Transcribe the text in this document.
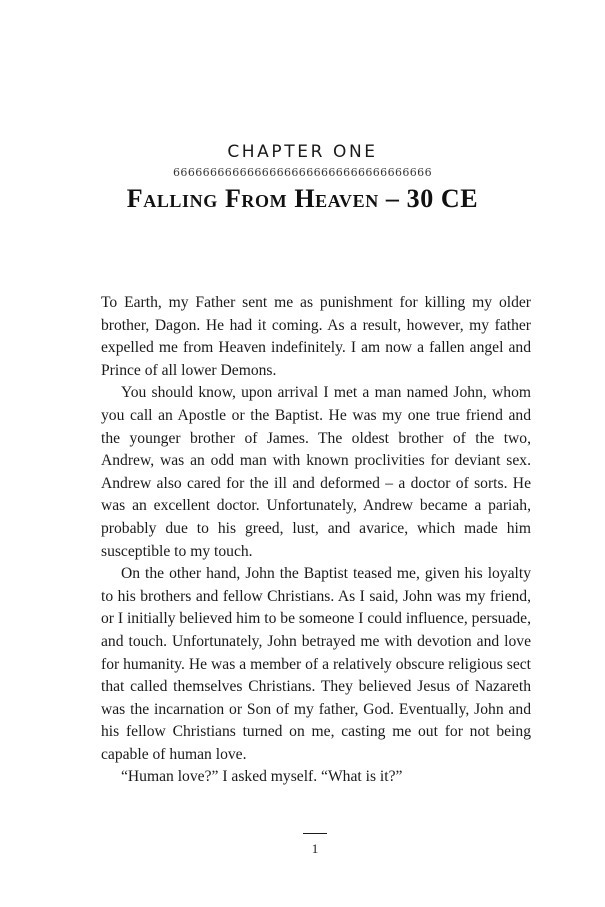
CHAPTER ONE
66666666666666666666666666666666666
Falling From Heaven – 30 CE

To Earth, my Father sent me as punishment for killing my older brother, Dagon. He had it coming. As a result, however, my father expelled me from Heaven indefinitely. I am now a fallen angel and Prince of all lower Demons.

You should know, upon arrival I met a man named John, whom you call an Apostle or the Baptist. He was my one true friend and the younger brother of James. The oldest brother of the two, Andrew, was an odd man with known proclivities for deviant sex. Andrew also cared for the ill and deformed – a doctor of sorts. He was an excellent doctor. Unfortunately, Andrew became a pariah, probably due to his greed, lust, and avarice, which made him susceptible to my touch.

On the other hand, John the Baptist teased me, given his loyalty to his brothers and fellow Christians. As I said, John was my friend, or I initially believed him to be someone I could influence, persuade, and touch. Unfortunately, John betrayed me with devotion and love for humanity. He was a member of a relatively obscure religious sect that called themselves Christians. They believed Jesus of Nazareth was the incarnation or Son of my father, God. Eventually, John and his fellow Christians turned on me, casting me out for not being capable of human love.

“Human love?” I asked myself. “What is it?”

1
